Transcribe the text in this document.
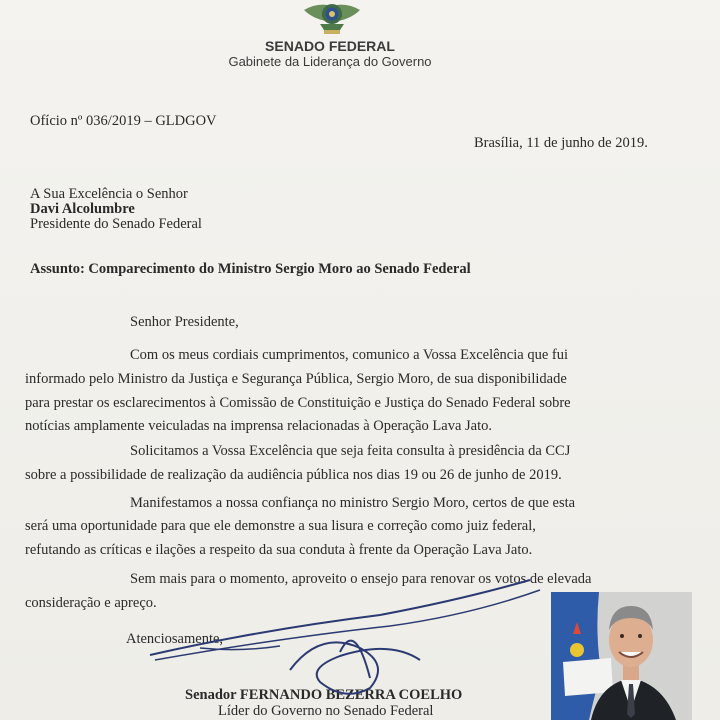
SENADO FEDERAL
Gabinete da Liderança do Governo
Ofício nº 036/2019 – GLDGOV
Brasília, 11 de junho de 2019.
A Sua Excelência o Senhor
Davi Alcolumbre
Presidente do Senado Federal
Assunto: Comparecimento do Ministro Sergio Moro ao Senado Federal
Senhor Presidente,
Com os meus cordiais cumprimentos, comunico a Vossa Excelência que fui
informado pelo Ministro da Justiça e Segurança Pública, Sergio Moro, de sua disponibilidade
para prestar os esclarecimentos à Comissão de Constituição e Justiça do Senado Federal sobre
notícias amplamente veiculadas na imprensa relacionadas à Operação Lava Jato.
Solicitamos a Vossa Excelência que seja feita consulta à presidência da CCJ
sobre a possibilidade de realização da audiência pública nos dias 19 ou 26 de junho de 2019.
Manifestamos a nossa confiança no ministro Sergio Moro, certos de que esta
será uma oportunidade para que ele demonstre a sua lisura e correção como juiz federal,
refutando as críticas e ilações a respeito da sua conduta à frente da Operação Lava Jato.
Sem mais para o momento, aproveito o ensejo para renovar os votos de elevada
consideração e apreço.
Atenciosamente,
Senador FERNANDO BEZERRA COELHO
Líder do Governo no Senado Federal
